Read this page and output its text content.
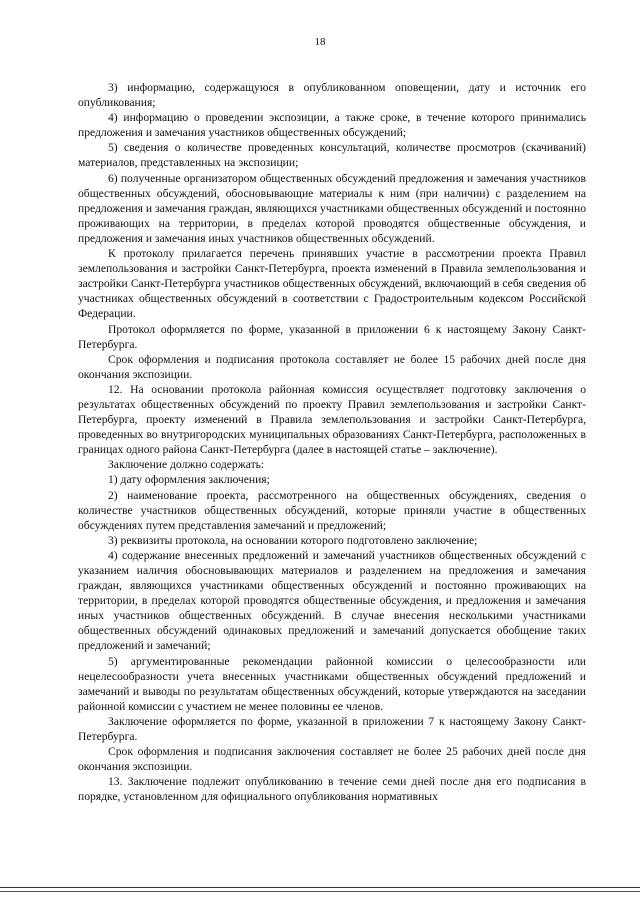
18

3) информацию, содержащуюся в опубликованном оповещении, дату и источник его опубликования;

4) информацию о проведении экспозиции, а также сроке, в течение которого принимались предложения и замечания участников общественных обсуждений;

5) сведения о количестве проведенных консультаций, количестве просмотров (скачиваний) материалов, представленных на экспозиции;

6) полученные организатором общественных обсуждений предложения и замечания участников общественных обсуждений, обосновывающие материалы к ним (при наличии) с разделением на предложения и замечания граждан, являющихся участниками общественных обсуждений и постоянно проживающих на территории, в пределах которой проводятся общественные обсуждения, и предложения и замечания иных участников общественных обсуждений.

К протоколу прилагается перечень принявших участие в рассмотрении проекта Правил землепользования и застройки Санкт-Петербурга, проекта изменений в Правила землепользования и застройки Санкт-Петербурга участников общественных обсуждений, включающий в себя сведения об участниках общественных обсуждений в соответствии с Градостроительным кодексом Российской Федерации.

Протокол оформляется по форме, указанной в приложении 6 к настоящему Закону Санкт-Петербурга.

Срок оформления и подписания протокола составляет не более 15 рабочих дней после дня окончания экспозиции.

12. На основании протокола районная комиссия осуществляет подготовку заключения о результатах общественных обсуждений по проекту Правил землепользования и застройки Санкт-Петербурга, проекту изменений в Правила землепользования и застройки Санкт-Петербурга, проведенных во внутригородских муниципальных образованиях Санкт-Петербурга, расположенных в границах одного района Санкт-Петербурга (далее в настоящей статье – заключение).

Заключение должно содержать:

1) дату оформления заключения;

2) наименование проекта, рассмотренного на общественных обсуждениях, сведения о количестве участников общественных обсуждений, которые приняли участие в общественных обсуждениях путем представления замечаний и предложений;

3) реквизиты протокола, на основании которого подготовлено заключение;

4) содержание внесенных предложений и замечаний участников общественных обсуждений с указанием наличия обосновывающих материалов и разделением на предложения и замечания граждан, являющихся участниками общественных обсуждений и постоянно проживающих на территории, в пределах которой проводятся общественные обсуждения, и предложения и замечания иных участников общественных обсуждений. В случае внесения несколькими участниками общественных обсуждений одинаковых предложений и замечаний допускается обобщение таких предложений и замечаний;

5) аргументированные рекомендации районной комиссии о целесообразности или нецелесообразности учета внесенных участниками общественных обсуждений предложений и замечаний и выводы по результатам общественных обсуждений, которые утверждаются на заседании районной комиссии с участием не менее половины ее членов.

Заключение оформляется по форме, указанной в приложении 7 к настоящему Закону Санкт-Петербурга.

Срок оформления и подписания заключения составляет не более 25 рабочих дней после дня окончания экспозиции.

13. Заключение подлежит опубликованию в течение семи дней после дня его подписания в порядке, установленном для официального опубликования нормативных
